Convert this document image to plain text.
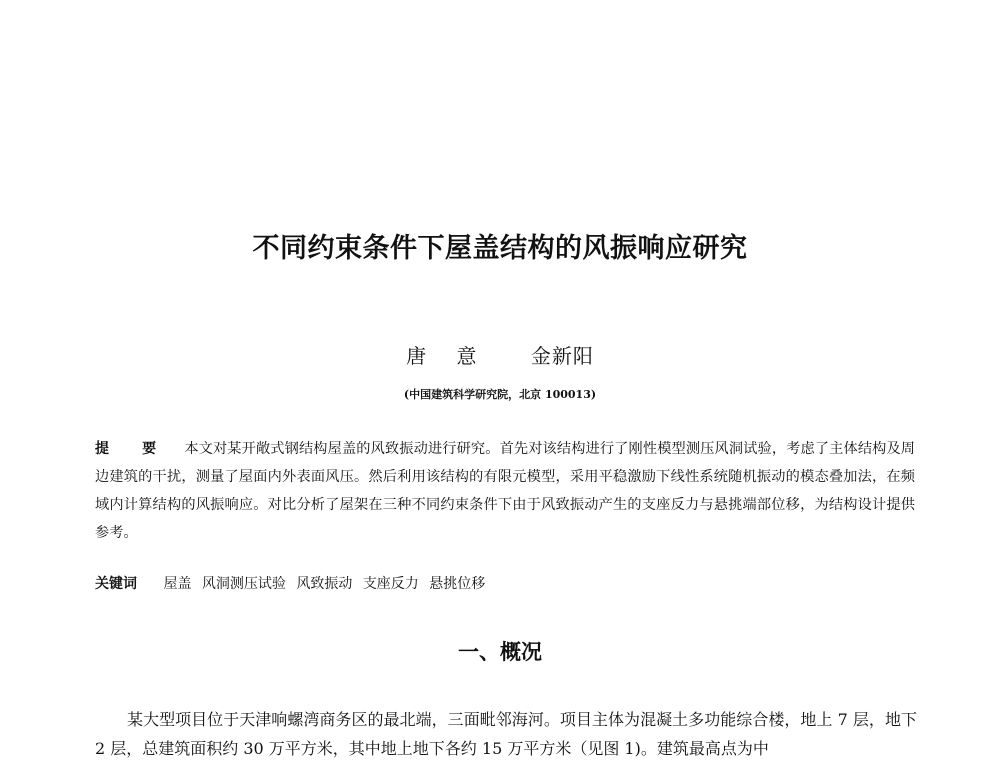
不同约束条件下屋盖结构的风振响应研究
唐 意 金新阳
(中国建筑科学研究院，北京 100013)
提 要 本文对某开敞式钢结构屋盖的风致振动进行研究。首先对该结构进行了刚性模型测压风洞试验，考虑了主体结构及周边建筑的干扰，测量了屋面内外表面风压。然后利用该结构的有限元模型，采用平稳激励下线性系统随机振动的模态叠加法，在频域内计算结构的风振响应。对比分析了屋架在三种不同约束条件下由于风致振动产生的支座反力与悬挑端部位移，为结构设计提供参考。
关键词 屋盖 风洞测压试验 风致振动 支座反力 悬挑位移
一、概况
某大型项目位于天津响螺湾商务区的最北端，三面毗邻海河。项目主体为混凝土多功能综合楼，地上 7 层，地下 2 层，总建筑面积约 30 万平方米，其中地上地下各约 15 万平方米（见图 1)。建筑最高点为中
